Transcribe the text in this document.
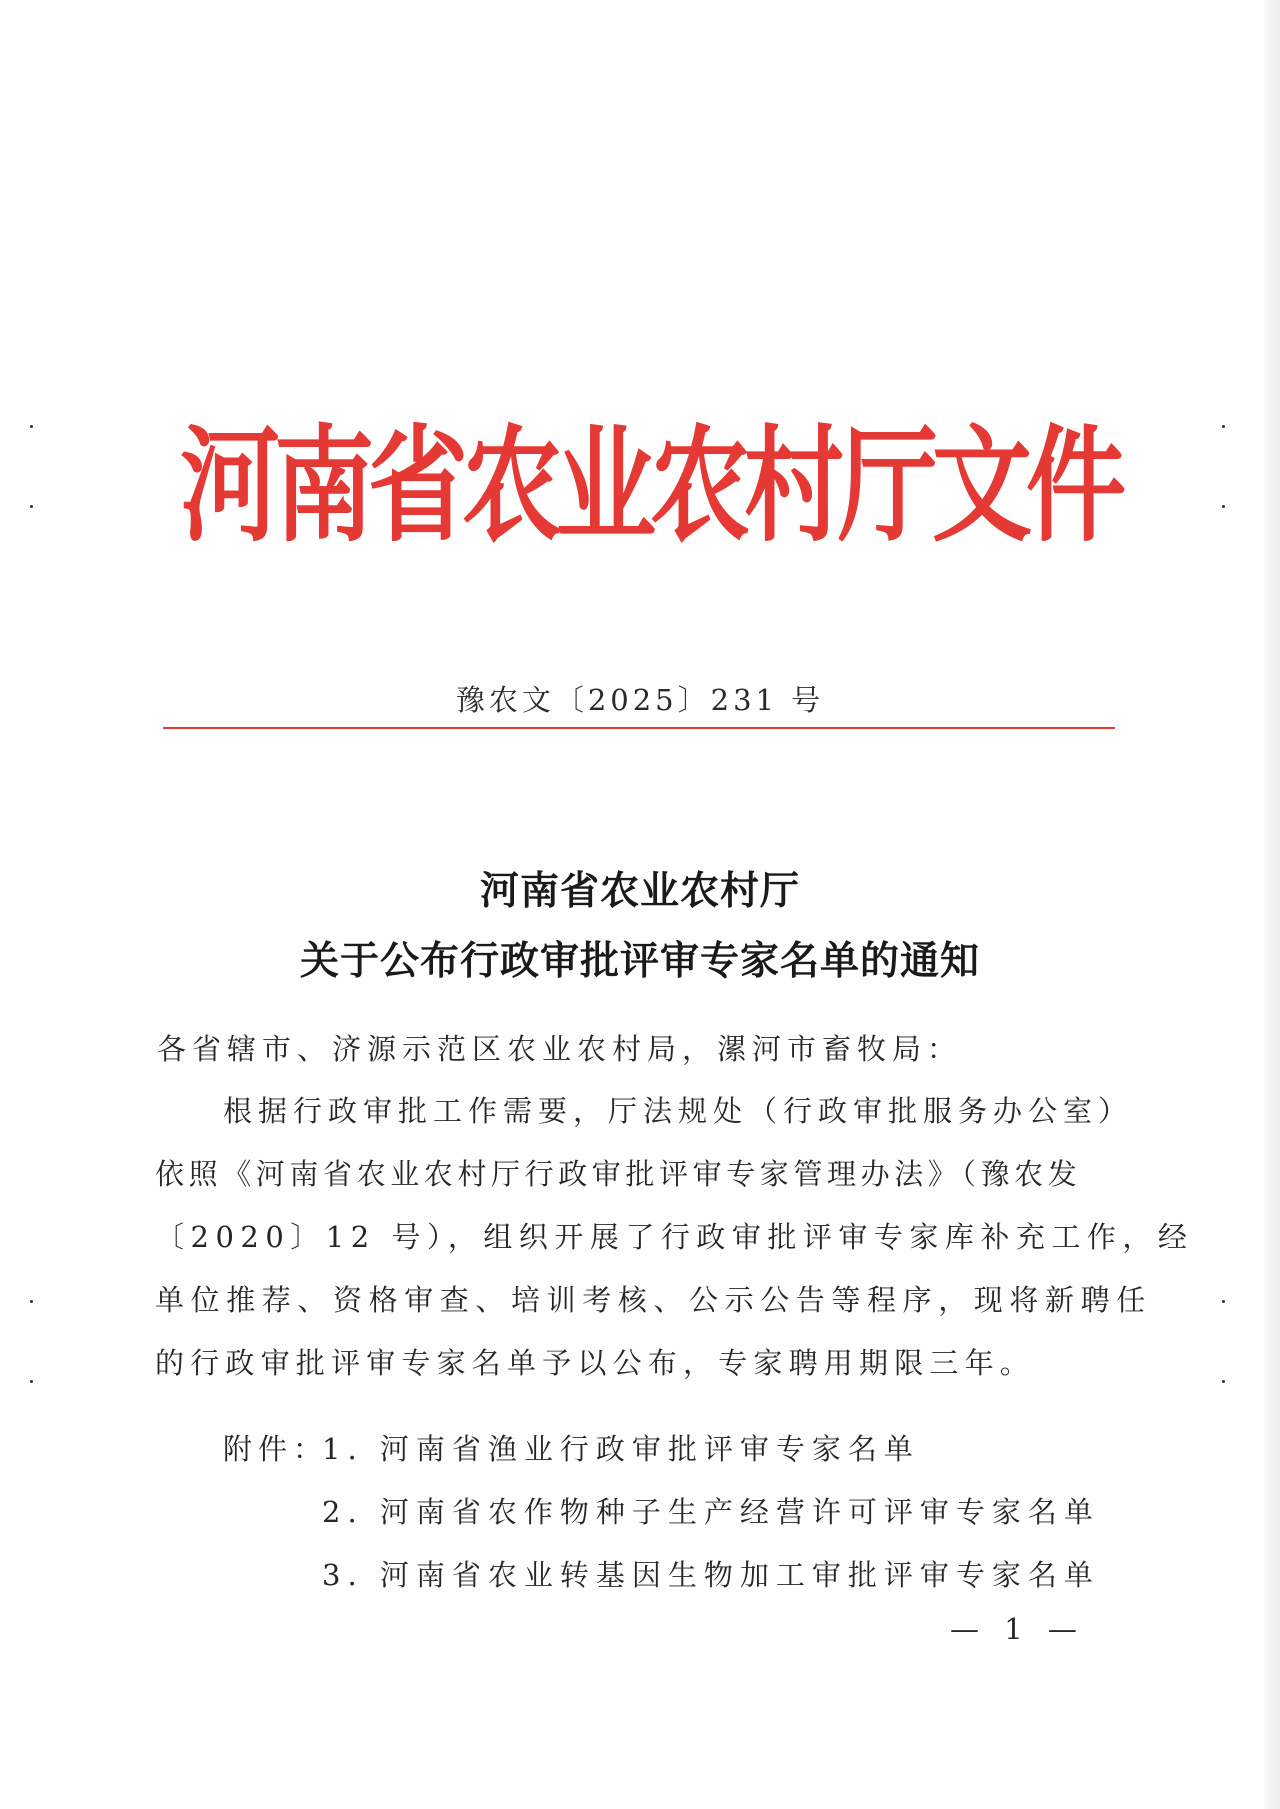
河南省农业农村厅文件
豫农文〔2025〕231 号
河南省农业农村厅
关于公布行政审批评审专家名单的通知
各省辖市、济源示范区农业农村局，漯河市畜牧局：
根据行政审批工作需要，厅法规处（行政审批服务办公室）
依照《河南省农业农村厅行政审批评审专家管理办法》（豫农发
〔2020〕12 号），组织开展了行政审批评审专家库补充工作，经
单位推荐、资格审查、培训考核、公示公告等程序，现将新聘任
的行政审批评审专家名单予以公布，专家聘用期限三年。
附件：
1. 河南省渔业行政审批评审专家名单
2. 河南省农作物种子生产经营许可评审专家名单
3. 河南省农业转基因生物加工审批评审专家名单
— 1 —
